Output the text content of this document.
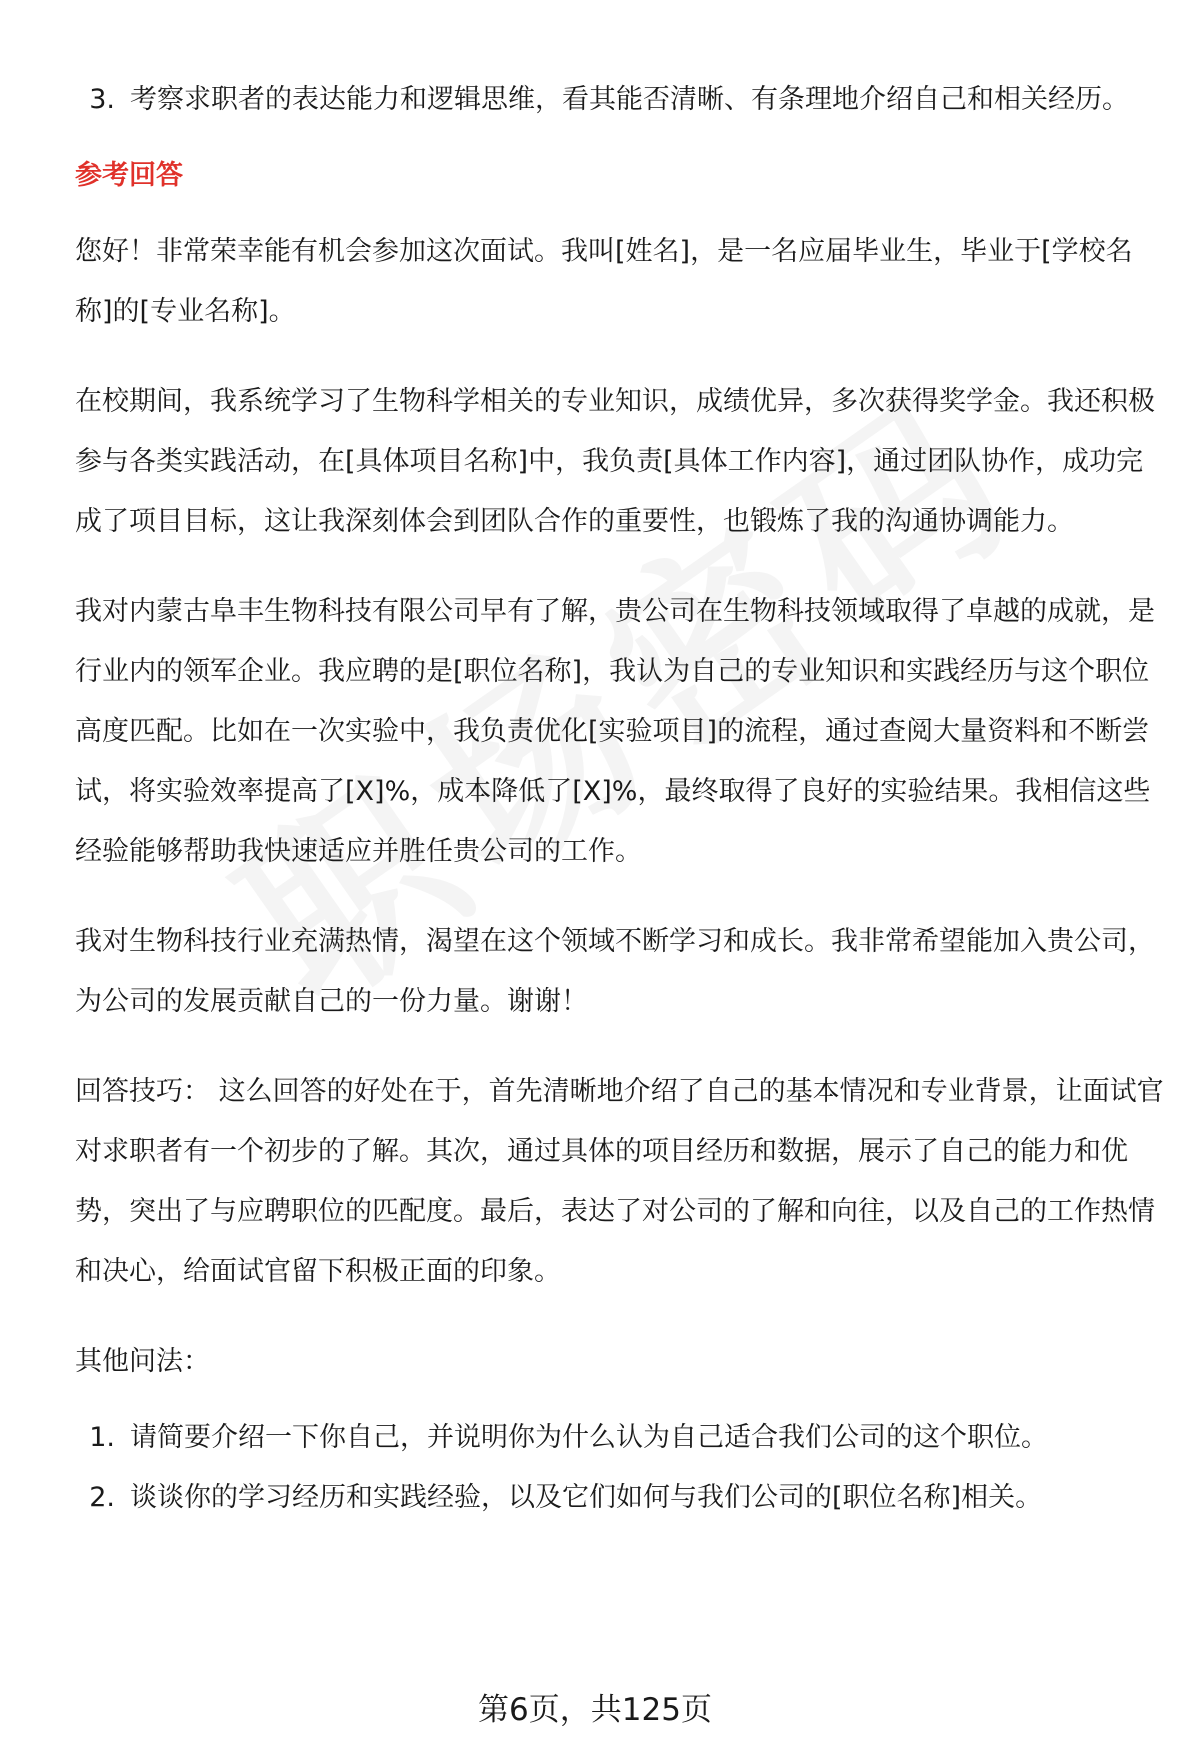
3. 考察求职者的表达能力和逻辑思维，看其能否清晰、有条理地介绍自己和相关经历。
参考回答

您好！非常荣幸能有机会参加这次面试。我叫[姓名]，是一名应届毕业生，毕业于[学校名称]的[专业名称]。

在校期间，我系统学习了生物科学相关的专业知识，成绩优异，多次获得奖学金。我还积极参与各类实践活动，在[具体项目名称]中，我负责[具体工作内容]，通过团队协作，成功完成了项目目标，这让我深刻体会到团队合作的重要性，也锻炼了我的沟通协调能力。

我对内蒙古阜丰生物科技有限公司早有了解，贵公司在生物科技领域取得了卓越的成就，是行业内的领军企业。我应聘的是[职位名称]，我认为自己的专业知识和实践经历与这个职位高度匹配。比如在一次实验中，我负责优化[实验项目]的流程，通过查阅大量资料和不断尝试，将实验效率提高了[X]%，成本降低了[X]%，最终取得了良好的实验结果。我相信这些经验能够帮助我快速适应并胜任贵公司的工作。

我对生物科技行业充满热情，渴望在这个领域不断学习和成长。我非常希望能加入贵公司，为公司的发展贡献自己的一份力量。谢谢！

回答技巧： 这么回答的好处在于，首先清晰地介绍了自己的基本情况和专业背景，让面试官对求职者有一个初步的了解。其次，通过具体的项目经历和数据，展示了自己的能力和优势，突出了与应聘职位的匹配度。最后，表达了对公司的了解和向往，以及自己的工作热情和决心，给面试官留下积极正面的印象。

其他问法：

1. 请简要介绍一下你自己，并说明你为什么认为自己适合我们公司的这个职位。
2. 谈谈你的学习经历和实践经验，以及它们如何与我们公司的[职位名称]相关。
第6页，共125页
